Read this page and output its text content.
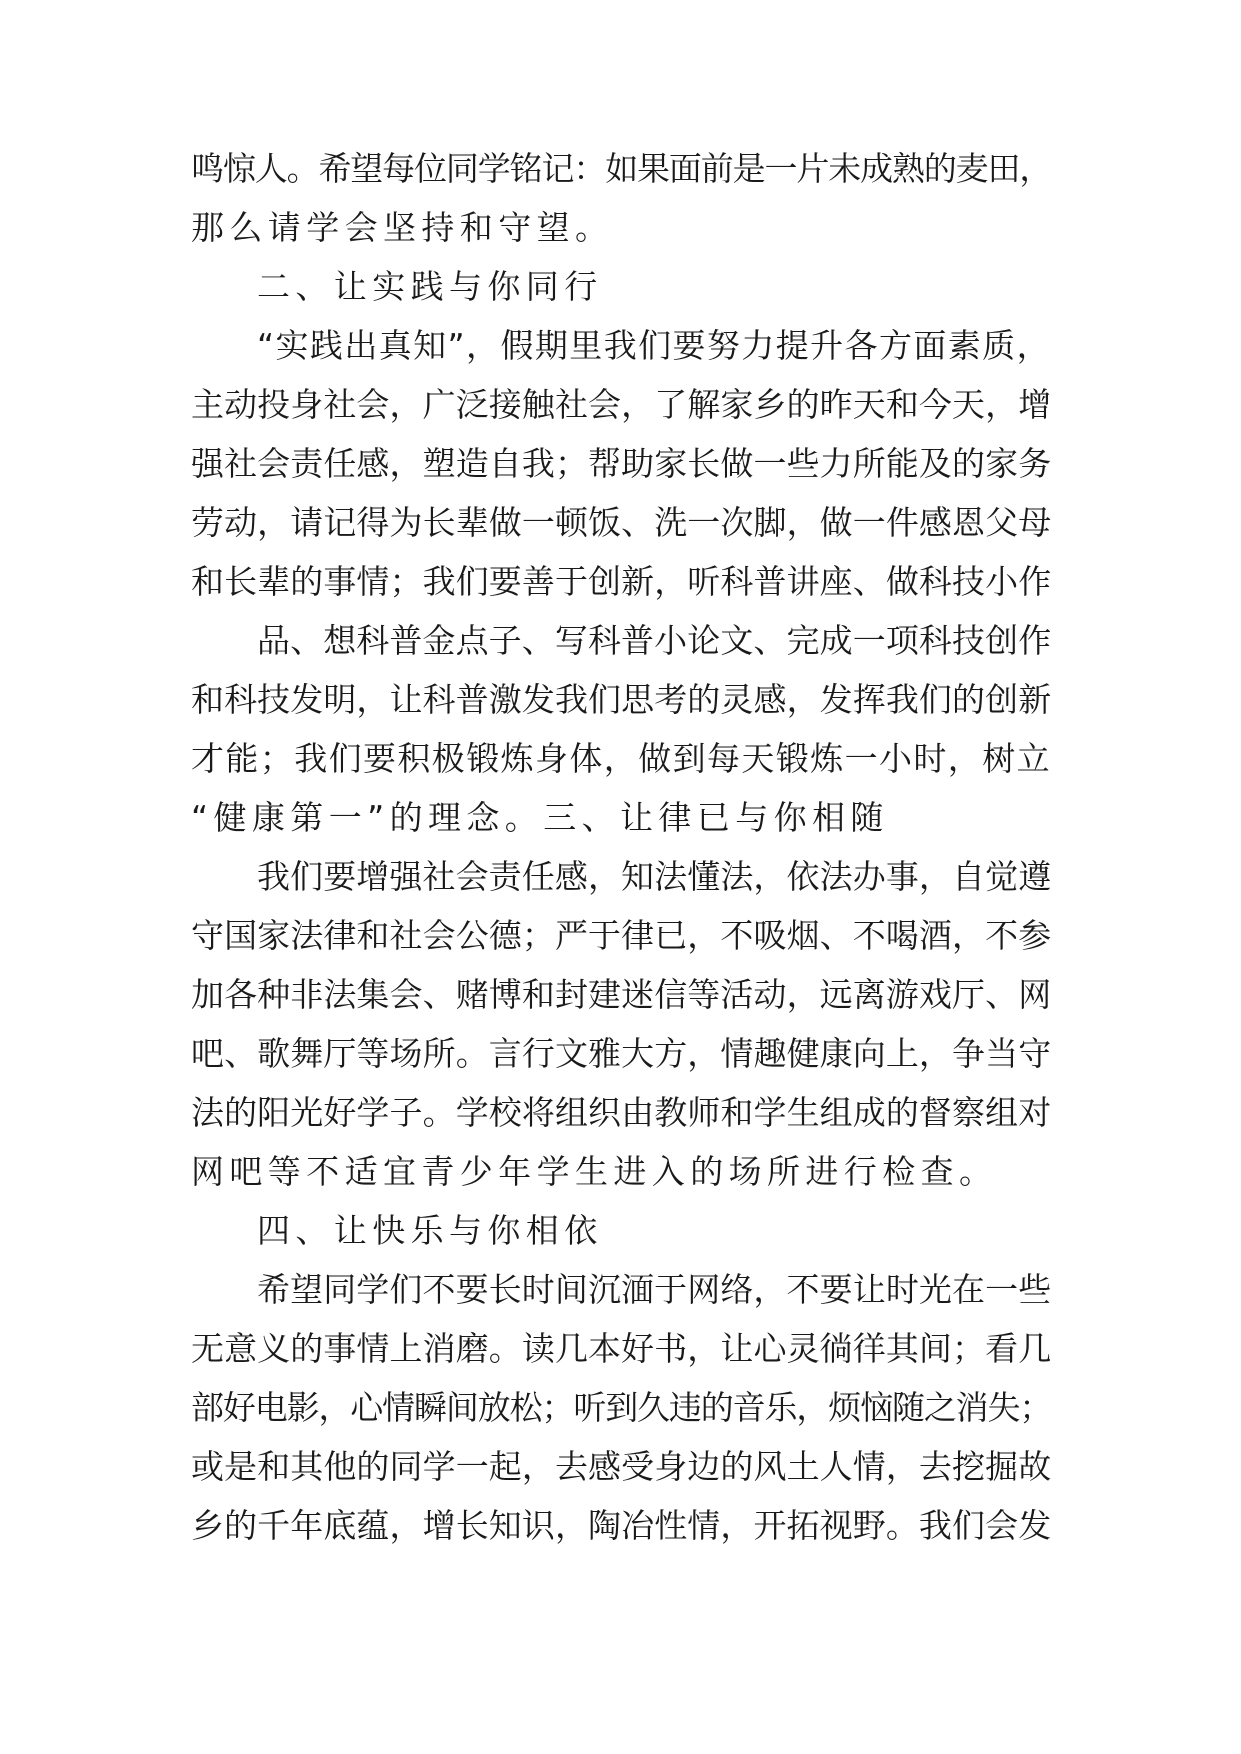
鸣惊人。希望每位同学铭记：如果面前是一片未成熟的麦田，
那么请学会坚持和守望。
二、让实践与你同行
“实践出真知”，假期里我们要努力提升各方面素质，
主动投身社会，广泛接触社会，了解家乡的昨天和今天，增
强社会责任感，塑造自我；帮助家长做一些力所能及的家务
劳动，请记得为长辈做一顿饭、洗一次脚，做一件感恩父母
和长辈的事情；我们要善于创新，听科普讲座、做科技小作
品、想科普金点子、写科普小论文、完成一项科技创作
和科技发明，让科普激发我们思考的灵感，发挥我们的创新
才能；我们要积极锻炼身体，做到每天锻炼一小时，树立
“健康第一”的理念。三、让律已与你相随
我们要增强社会责任感，知法懂法，依法办事，自觉遵
守国家法律和社会公德；严于律已，不吸烟、不喝酒，不参
加各种非法集会、赌博和封建迷信等活动，远离游戏厅、网
吧、歌舞厅等场所。言行文雅大方，情趣健康向上，争当守
法的阳光好学子。学校将组织由教师和学生组成的督察组对
网吧等不适宜青少年学生进入的场所进行检查。
四、让快乐与你相依
希望同学们不要长时间沉湎于网络，不要让时光在一些
无意义的事情上消磨。读几本好书，让心灵徜徉其间；看几
部好电影，心情瞬间放松；听到久违的音乐，烦恼随之消失；
或是和其他的同学一起，去感受身边的风土人情，去挖掘故
乡的千年底蕴，增长知识，陶冶性情，开拓视野。我们会发
